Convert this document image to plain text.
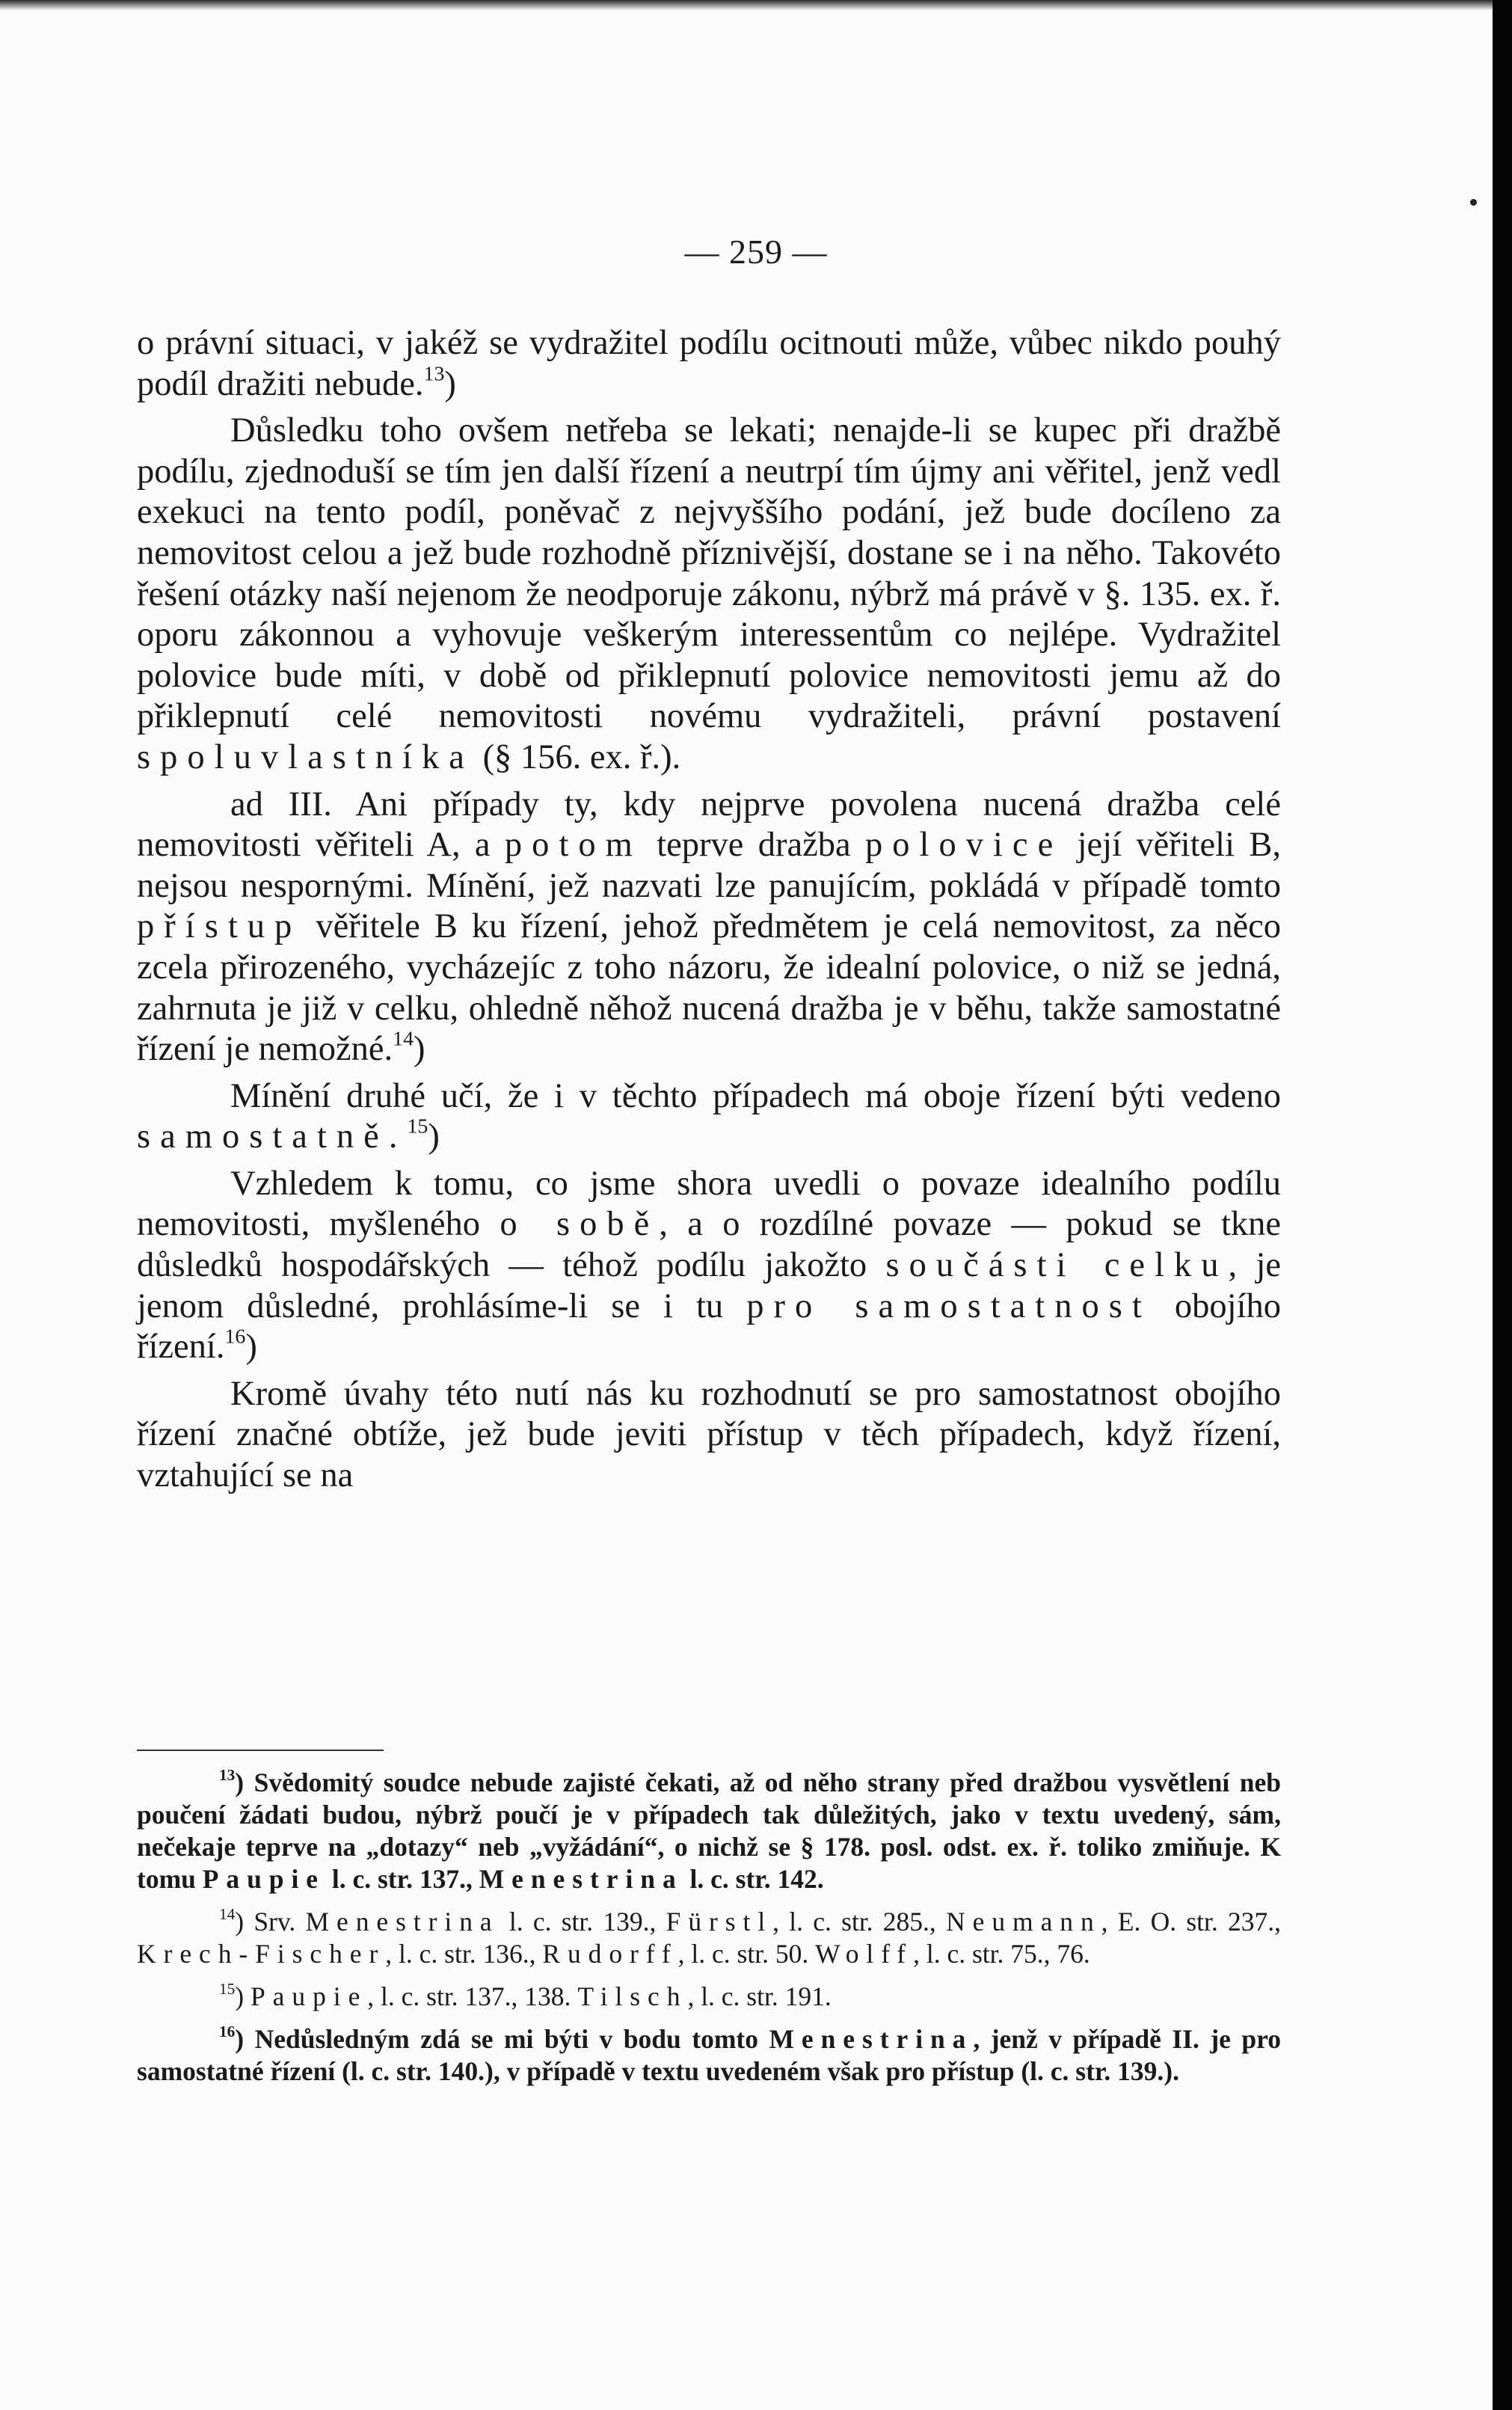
— 259 —

o právní situaci, v jakéž se vydražitel podílu ocitnouti může, vůbec nikdo pouhý podíl dražiti nebude.$^{13}$)

Důsledku toho ovšem netřeba se lekati; nenajde-li se kupec při dražbě podílu, zjednoduší se tím jen další řízení a neutrpí tím újmy ani věřitel, jenž vedl exekuci na tento podíl, poněvač z nejvyššího podání, jež bude docíleno za nemovitost celou a jež bude rozhodně příznivější, dostane se i na něho. Takovéto řešení otázky naší nejenom že neodporuje zákonu, nýbrž má právě v §. 135. ex. ř. oporu zákonnou a vyhovuje veškerým interessentům co nejlépe. Vydražitel polovice bude míti, v době od přiklepnutí polovice nemovitosti jemu až do přiklepnutí celé nemovitosti novému vydražiteli, právní postavení spoluvlastníka (§ 156. ex. ř.).

ad III. Ani případy ty, kdy nejprve povolena nucená dražba celé nemovitosti věřiteli A, a potom teprve dražba polovice její věřiteli B, nejsou nespornými. Mínění, jež nazvati lze panujícím, pokládá v případě tomto přístup věřitele B ku řízení, jehož předmětem je celá nemovitost, za něco zcela přirozeného, vycházejíc z toho názoru, že idealní polovice, o niž se jedná, zahrnuta je již v celku, ohledně něhož nucená dražba je v běhu, takže samostatné řízení je nemožné.$^{14}$)

Mínění druhé učí, že i v těchto případech má oboje řízení býti vedeno samostatně.$^{15}$)

Vzhledem k tomu, co jsme shora uvedli o povaze idealního podílu nemovitosti, myšleného o sobě, a o rozdílné povaze — pokud se tkne důsledků hospodářských — téhož podílu jakožto součásti celku, je jenom důsledné, prohlásíme-li se i tu pro samostatnost obojího řízení.$^{16}$)

Kromě úvahy této nutí nás ku rozhodnutí se pro samostatnost obojího řízení značné obtíže, jež bude jeviti přístup v těch případech, když řízení, vztahující se na

$^{13}$) Svědomitý soudce nebude zajisté čekati, až od něho strany před dražbou vysvětlení neb poučení žádati budou, nýbrž poučí je v případech tak důležitých, jako v textu uvedený, sám, nečekaje teprve na „dotazy“ neb „vyžádání“, o nichž se § 178. posl. odst. ex. ř. toliko zmiňuje. K tomu Paupie l. c. str. 137., Menestrina l. c. str. 142.

$^{14}$) Srv. Menestrina l. c. str. 139., Fürstl, l. c. str. 285., Neumann, E. O. str. 237., Krech-Fischer, l. c. str. 136., Rudorff, l. c. str. 50. Wolff, l. c. str. 75., 76.

$^{15}$) Paupie, l. c. str. 137., 138. Tilsch, l. c. str. 191.

$^{16}$) Nedůsledným zdá se mi býti v bodu tomto Menestrina, jenž v případě II. je pro samostatné řízení (l. c. str. 140.), v případě v textu uvedeném však pro přístup (l. c. str. 139.).
